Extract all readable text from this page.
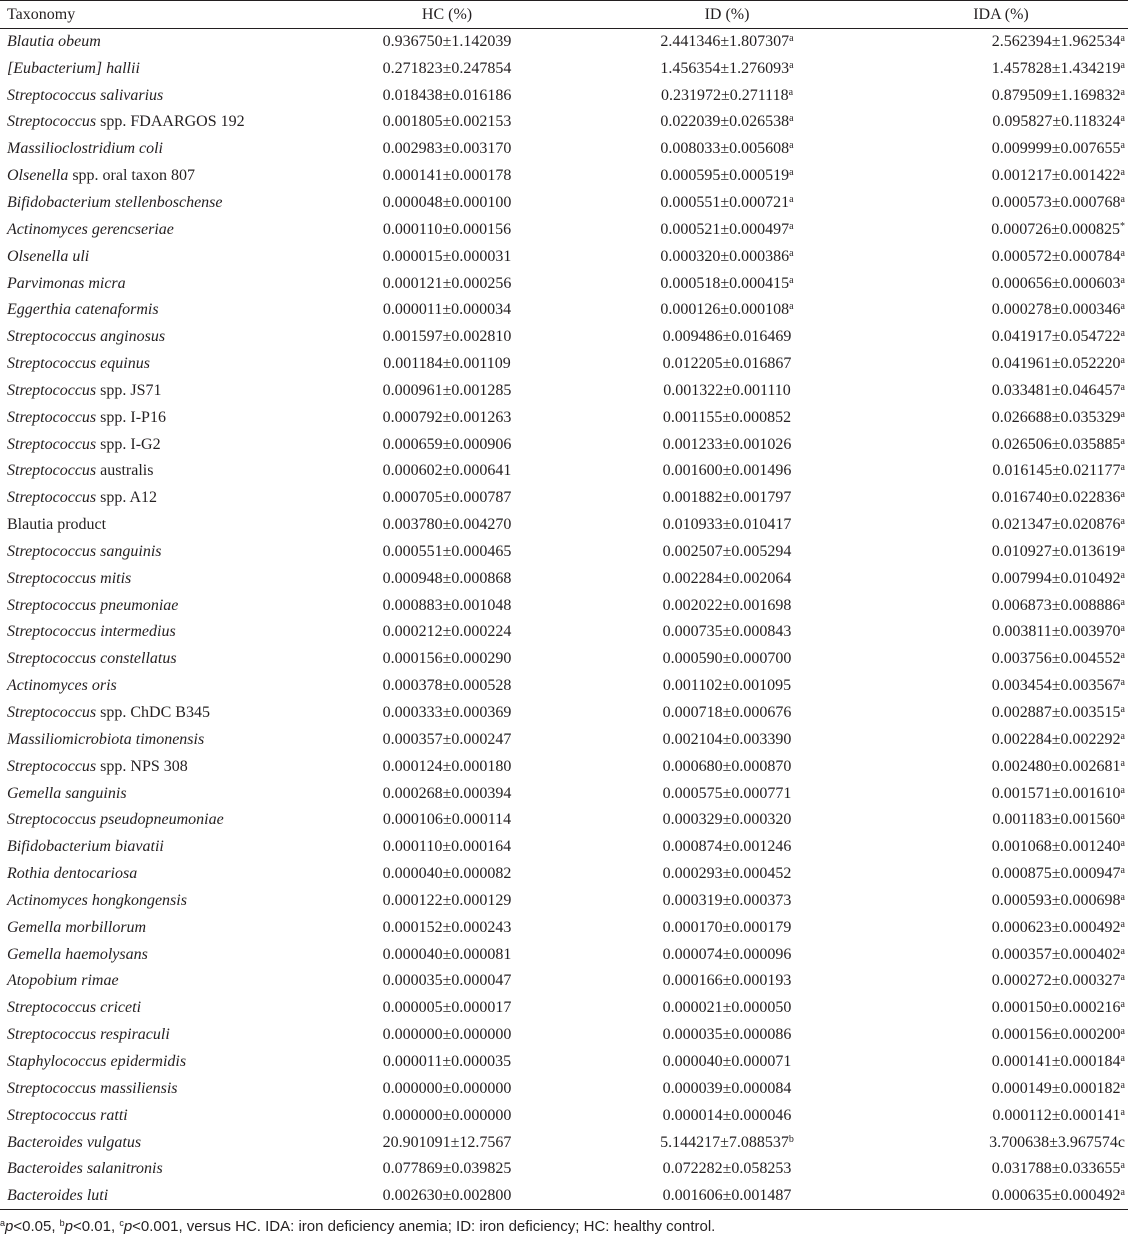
Taxonomy	HC (%)	ID (%)	IDA (%)
Blautia obeum	0.936750±1.142039	2.441346±1.807307$^a$	2.562394±1.962534$^a$
[Eubacterium] hallii	0.271823±0.247854	1.456354±1.276093$^a$	1.457828±1.434219$^a$
Streptococcus salivarius	0.018438±0.016186	0.231972±0.271118$^a$	0.879509±1.169832$^a$
Streptococcus spp. FDAARGOS 192	0.001805±0.002153	0.022039±0.026538$^a$	0.095827±0.118324$^a$
Massilioclostridium coli	0.002983±0.003170	0.008033±0.005608$^a$	0.009999±0.007655$^a$
Olsenella spp. oral taxon 807	0.000141±0.000178	0.000595±0.000519$^a$	0.001217±0.001422$^a$
Bifidobacterium stellenboschense	0.000048±0.000100	0.000551±0.000721$^a$	0.000573±0.000768$^a$
Actinomyces gerencseriae	0.000110±0.000156	0.000521±0.000497$^a$	0.000726±0.000825*
Olsenella uli	0.000015±0.000031	0.000320±0.000386$^a$	0.000572±0.000784$^a$
Parvimonas micra	0.000121±0.000256	0.000518±0.000415$^a$	0.000656±0.000603$^a$
Eggerthia catenaformis	0.000011±0.000034	0.000126±0.000108$^a$	0.000278±0.000346$^a$
Streptococcus anginosus	0.001597±0.002810	0.009486±0.016469	0.041917±0.054722$^a$
Streptococcus equinus	0.001184±0.001109	0.012205±0.016867	0.041961±0.052220$^a$
Streptococcus spp. JS71	0.000961±0.001285	0.001322±0.001110	0.033481±0.046457$^a$
Streptococcus spp. I-P16	0.000792±0.001263	0.001155±0.000852	0.026688±0.035329$^a$
Streptococcus spp. I-G2	0.000659±0.000906	0.001233±0.001026	0.026506±0.035885$^a$
Streptococcus australis	0.000602±0.000641	0.001600±0.001496	0.016145±0.021177$^a$
Streptococcus spp. A12	0.000705±0.000787	0.001882±0.001797	0.016740±0.022836$^a$
Blautia product	0.003780±0.004270	0.010933±0.010417	0.021347±0.020876$^a$
Streptococcus sanguinis	0.000551±0.000465	0.002507±0.005294	0.010927±0.013619$^a$
Streptococcus mitis	0.000948±0.000868	0.002284±0.002064	0.007994±0.010492$^a$
Streptococcus pneumoniae	0.000883±0.001048	0.002022±0.001698	0.006873±0.008886$^a$
Streptococcus intermedius	0.000212±0.000224	0.000735±0.000843	0.003811±0.003970$^a$
Streptococcus constellatus	0.000156±0.000290	0.000590±0.000700	0.003756±0.004552$^a$
Actinomyces oris	0.000378±0.000528	0.001102±0.001095	0.003454±0.003567$^a$
Streptococcus spp. ChDC B345	0.000333±0.000369	0.000718±0.000676	0.002887±0.003515$^a$
Massiliomicrobiota timonensis	0.000357±0.000247	0.002104±0.003390	0.002284±0.002292$^a$
Streptococcus spp. NPS 308	0.000124±0.000180	0.000680±0.000870	0.002480±0.002681$^a$
Gemella sanguinis	0.000268±0.000394	0.000575±0.000771	0.001571±0.001610$^a$
Streptococcus pseudopneumoniae	0.000106±0.000114	0.000329±0.000320	0.001183±0.001560$^a$
Bifidobacterium biavatii	0.000110±0.000164	0.000874±0.001246	0.001068±0.001240$^a$
Rothia dentocariosa	0.000040±0.000082	0.000293±0.000452	0.000875±0.000947$^a$
Actinomyces hongkongensis	0.000122±0.000129	0.000319±0.000373	0.000593±0.000698$^a$
Gemella morbillorum	0.000152±0.000243	0.000170±0.000179	0.000623±0.000492$^a$
Gemella haemolysans	0.000040±0.000081	0.000074±0.000096	0.000357±0.000402$^a$
Atopobium rimae	0.000035±0.000047	0.000166±0.000193	0.000272±0.000327$^a$
Streptococcus criceti	0.000005±0.000017	0.000021±0.000050	0.000150±0.000216$^a$
Streptococcus respiraculi	0.000000±0.000000	0.000035±0.000086	0.000156±0.000200$^a$
Staphylococcus epidermidis	0.000011±0.000035	0.000040±0.000071	0.000141±0.000184$^a$
Streptococcus massiliensis	0.000000±0.000000	0.000039±0.000084	0.000149±0.000182$^a$
Streptococcus ratti	0.000000±0.000000	0.000014±0.000046	0.000112±0.000141$^a$
Bacteroides vulgatus	20.901091±12.7567	5.144217±7.088537$^b$	3.700638±3.967574c
Bacteroides salanitronis	0.077869±0.039825	0.072282±0.058253	0.031788±0.033655$^a$
Bacteroides luti	0.002630±0.002800	0.001606±0.001487	0.000635±0.000492$^a$
$^a$p<0.05, $^b$p<0.01, $^c$p<0.001, versus HC. IDA: iron deficiency anemia; ID: iron deficiency; HC: healthy control.
